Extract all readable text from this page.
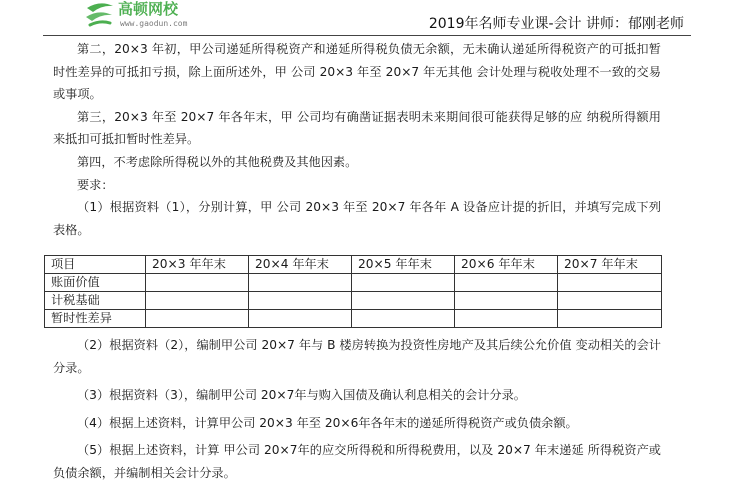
高顿网校
www.gaodun.com	2019年名师专业课-会计 讲师：郁刚老师

第二，20×3 年初，甲公司递延所得税资产和递延所得税负债无余额，无未确认递延所得税资产的可抵扣暂时性差异的可抵扣亏损，除上面所述外，甲 公司 20×3 年至 20×7 年无其他 会计处理与税收处理不一致的交易或事项。

第三，20×3 年至 20×7 年各年末，甲 公司均有确凿证据表明未来期间很可能获得足够的应 纳税所得额用来抵扣可抵扣暂时性差异。

第四，不考虑除所得税以外的其他税费及其他因素。

要求：

（1）根据资料（1），分别计算，甲 公司 20×3 年至 20×7 年各年 A 设备应计提的折旧，并填写完成下列表格。

项目	20×3 年年末	20×4 年年末	20×5 年年末	20×6 年年末	20×7 年年末
账面价值					
计税基础					
暂时性差异					

（2）根据资料（2），编制甲公司 20×7 年与 B 楼房转换为投资性房地产及其后续公允价值 变动相关的会计分录。

（3）根据资料（3），编制甲公司 20×7年与购入国债及确认利息相关的会计分录。

（4）根据上述资料，计算甲公司 20×3 年至 20×6年各年末的递延所得税资产或负债余额。

（5）根据上述资料，计算 甲公司 20×7年的应交所得税和所得税费用，以及 20×7 年末递延 所得税资产或负债余额，并编制相关会计分录。
